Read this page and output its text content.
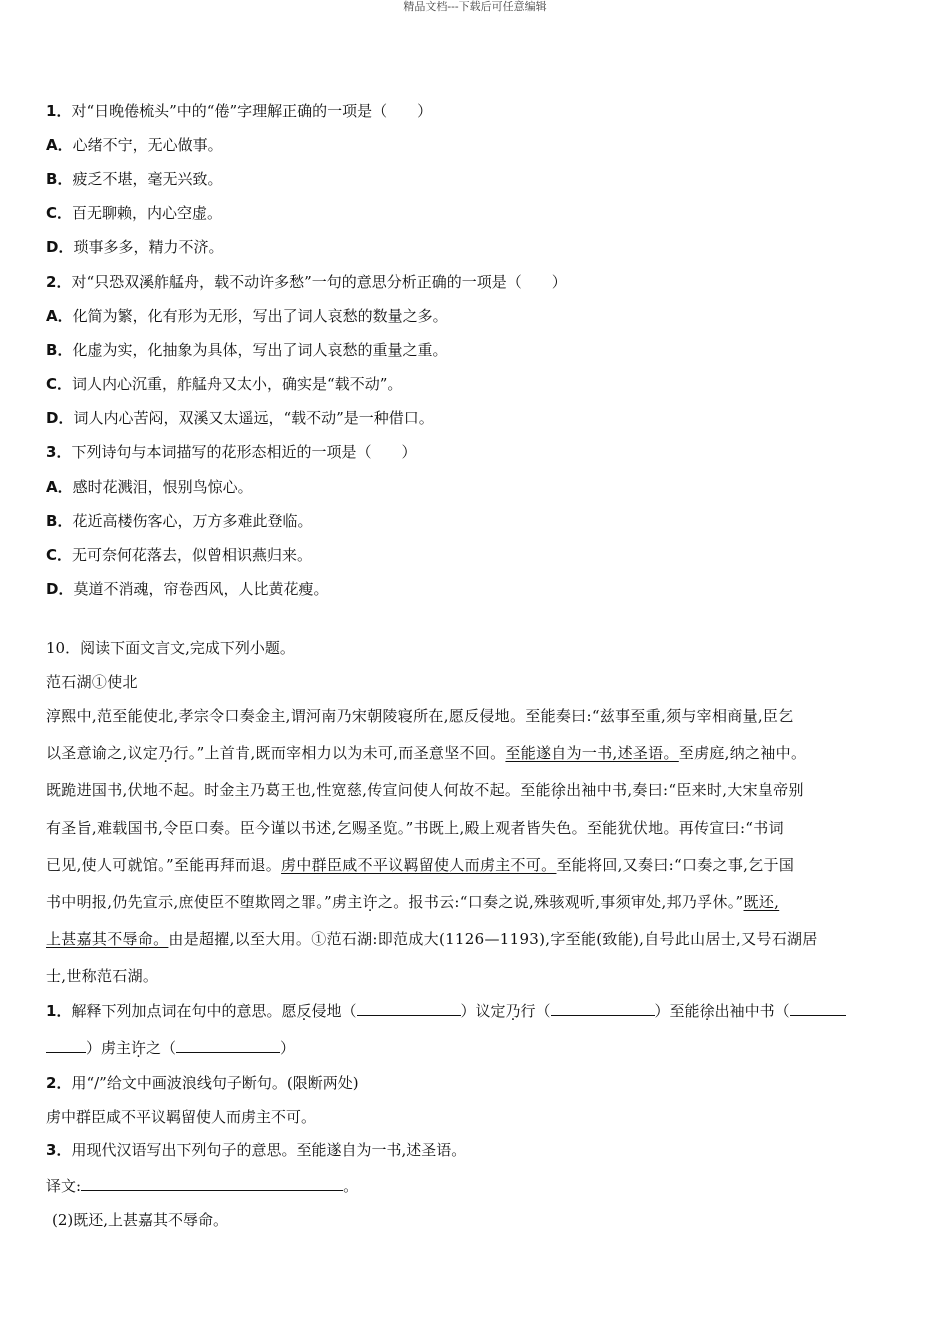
精品文档---下载后可任意编辑
1．对“日晚倦梳头”中的“倦”字理解正确的一项是（　　）
A．心绪不宁，无心做事。
B．疲乏不堪，毫无兴致。
C．百无聊赖，内心空虚。
D．琐事多多，精力不济。
2．对“只恐双溪舴艋舟，载不动许多愁”一句的意思分析正确的一项是（　　）
A．化简为繁，化有形为无形，写出了词人哀愁的数量之多。
B．化虚为实，化抽象为具体，写出了词人哀愁的重量之重。
C．词人内心沉重，舴艋舟又太小，确实是“载不动”。
D．词人内心苦闷，双溪又太遥远，“载不动”是一种借口。
3．下列诗句与本词描写的花形态相近的一项是（　　）
A．感时花溅泪，恨别鸟惊心。
B．花近高楼伤客心，万方多难此登临。
C．无可奈何花落去，似曾相识燕归来。
D．莫道不消魂，帘卷西风，人比黄花瘦。
10．阅读下面文言文,完成下列小题。
范石湖①使北
淳熙中,范至能使北,孝宗令口奏金主,谓河南乃宋朝陵寝所在,愿反侵地。至能奏曰:“兹事至重,须与宰相商量,臣乞
以圣意谕之,议定乃行。”上首肯,既而宰相力以为未可,而圣意坚不回。至能遂自为一书,述圣语。至虏庭,纳之袖中。
既跪进国书,伏地不起。时金主乃葛王也,性宽慈,传宣问使人何故不起。至能徐出袖中书,奏曰:“臣来时,大宋皇帝别
有圣旨,难载国书,令臣口奏。臣今谨以书述,乞赐圣览。”书既上,殿上观者皆失色。至能犹伏地。再传宣曰:“书词
已见,使人可就馆。”至能再拜而退。虏中群臣咸不平议羁留使人而虏主不可。至能将回,又奏曰:“口奏之事,乞于国
书中明报,仍先宣示,庶使臣不堕欺罔之罪。”虏主许之。报书云:“口奏之说,殊骇观听,事须审处,邦乃孚休。”既还,
上甚嘉其不辱命。由是超擢,以至大用。①范石湖:即范成大(1126—1193),字至能(致能),自号此山居士,又号石湖居
士,世称范石湖。
1．解释下列加点词在句中的意思。愿反侵地（	）议定乃行（	）至能徐出袖中书（
）虏主许之（	）
2．用“/”给文中画波浪线句子断句。(限断两处)
虏中群臣咸不平议羁留使人而虏主不可。
3．用现代汉语写出下列句子的意思。至能遂自为一书,述圣语。
译文:	。
(2)既还,上甚嘉其不辱命。
